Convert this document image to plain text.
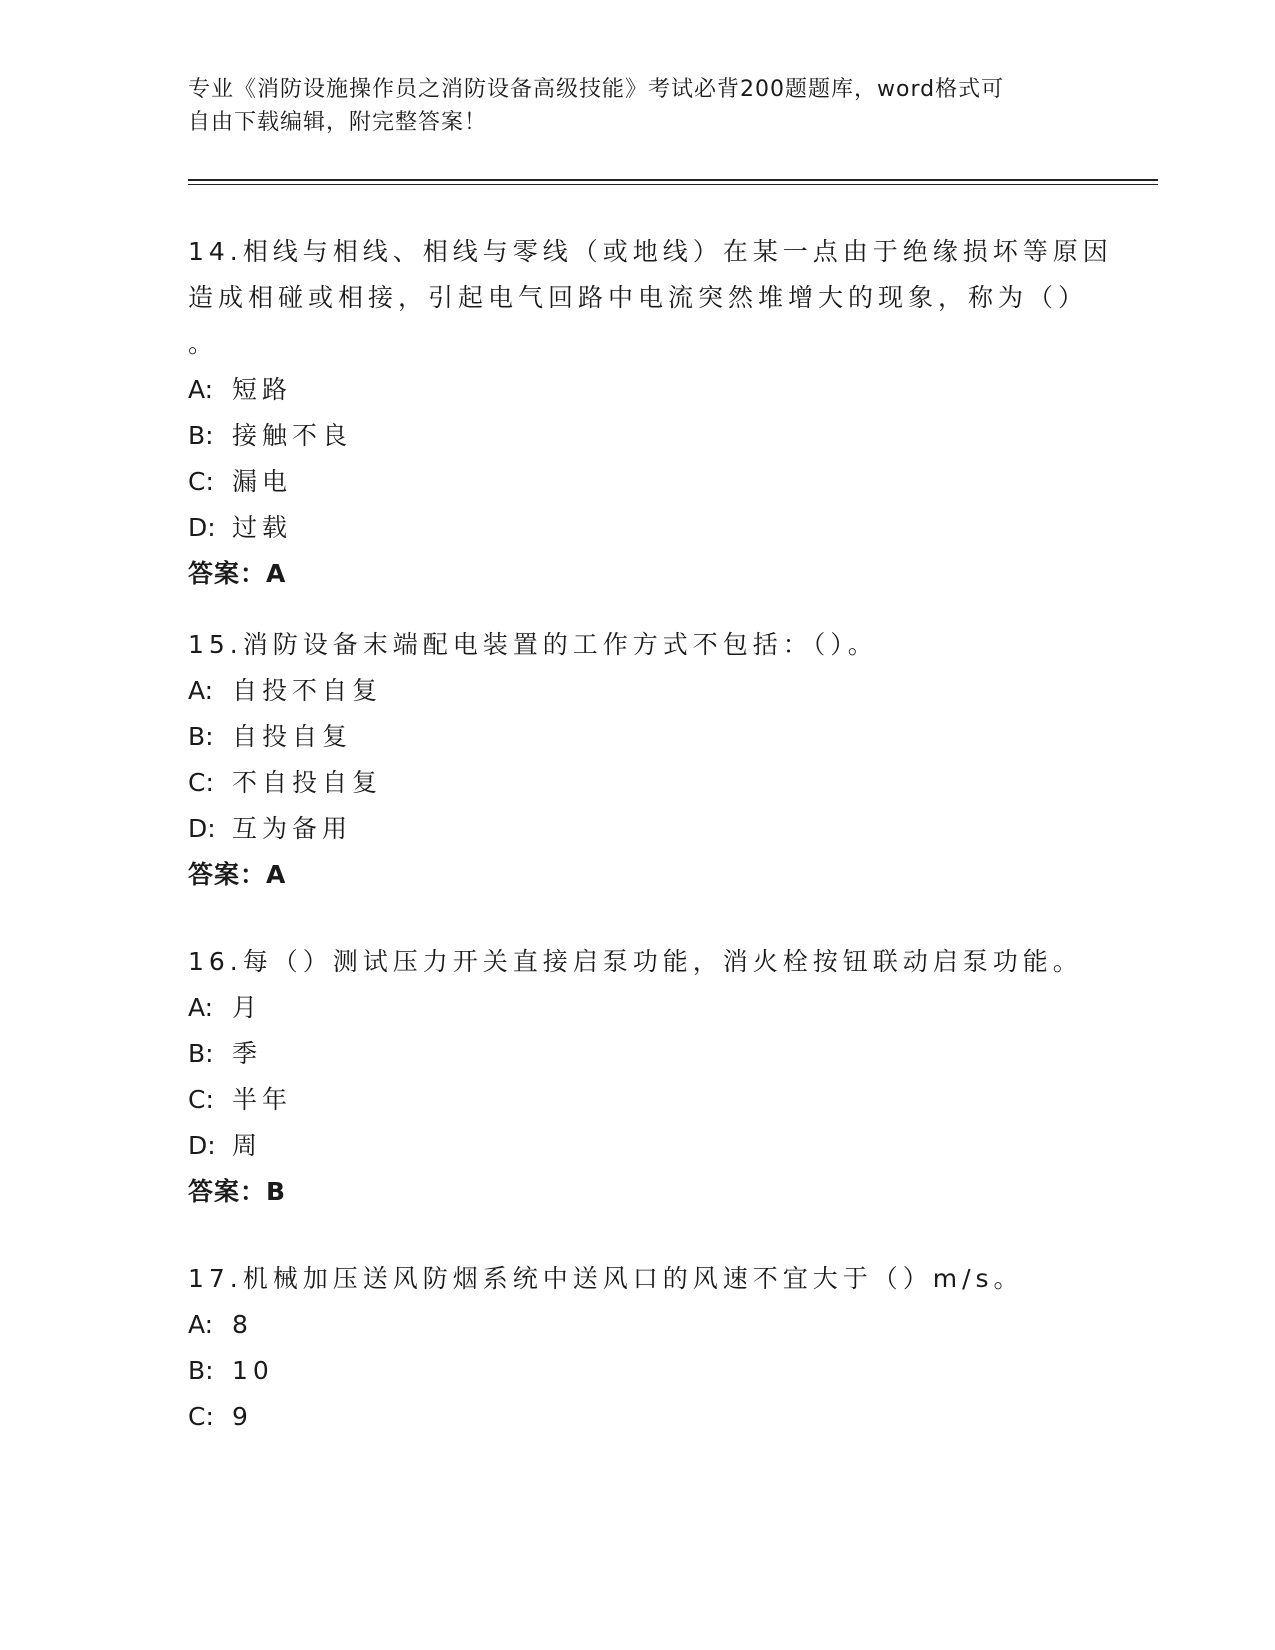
专业《消防设施操作员之消防设备高级技能》考试必背200题题库，word格式可
自由下载编辑，附完整答案！
14.相线与相线、相线与零线（或地线）在某一点由于绝缘损坏等原因
造成相碰或相接，引起电气回路中电流突然堆增大的现象，称为（）
。
A: 短路
B: 接触不良
C: 漏电
D: 过载
答案：A
15.消防设备末端配电装置的工作方式不包括：（）。
A: 自投不自复
B: 自投自复
C: 不自投自复
D: 互为备用
答案：A
16.每（）测试压力开关直接启泵功能，消火栓按钮联动启泵功能。
A: 月
B: 季
C: 半年
D: 周
答案：B
17.机械加压送风防烟系统中送风口的风速不宜大于（）m/s。
A: 8
B: 10
C: 9
